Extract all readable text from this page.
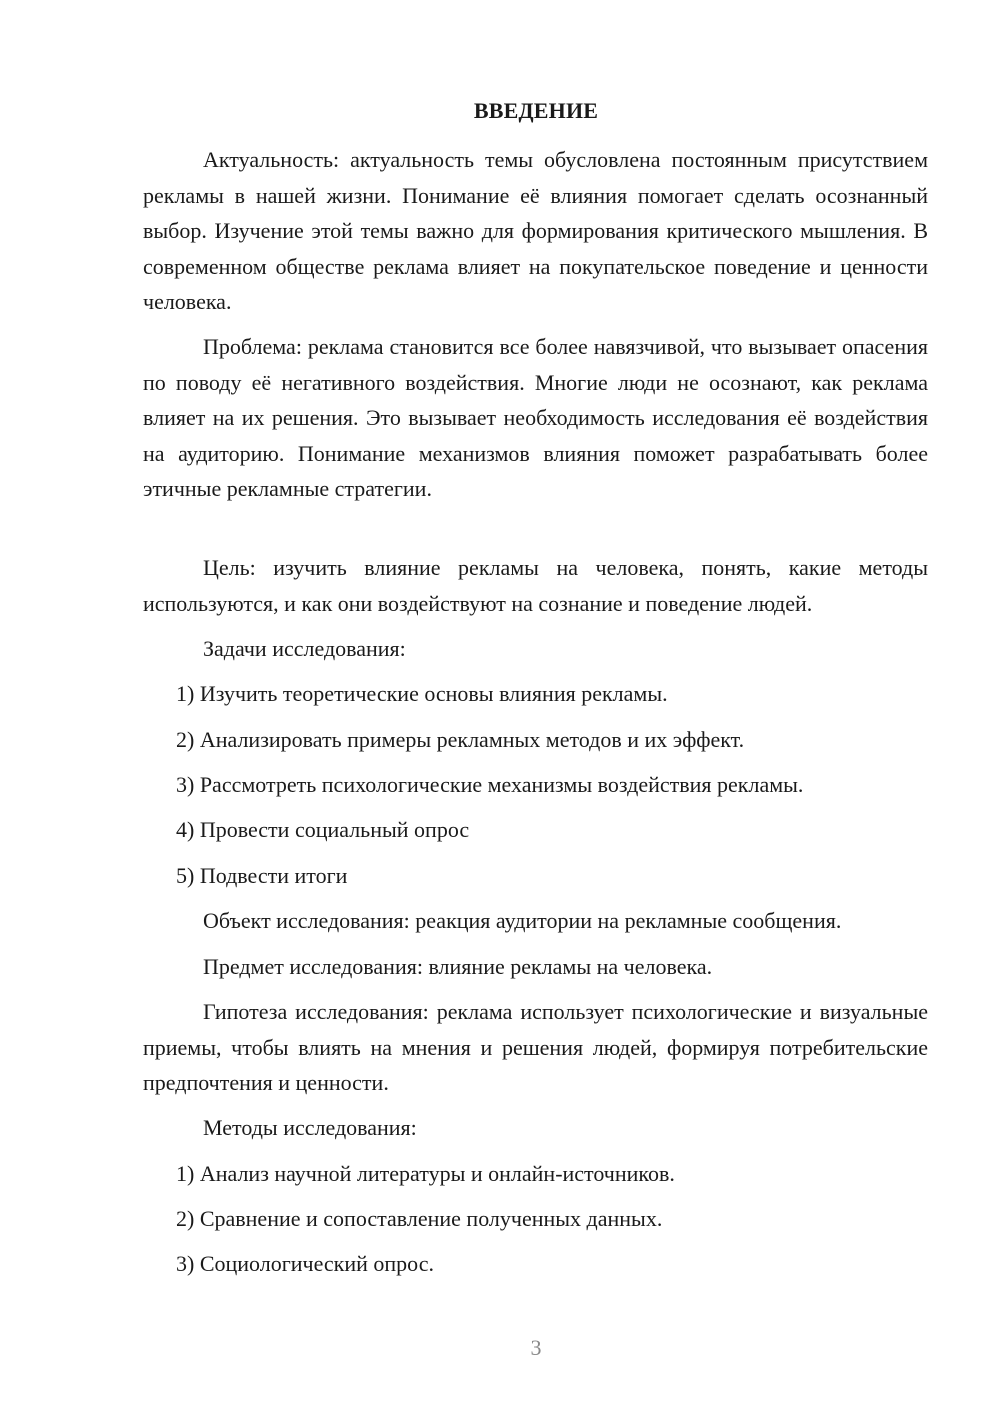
ВВЕДЕНИЕ

Актуальность: актуальность темы обусловлена постоянным присутствием рекламы в нашей жизни. Понимание её влияния помогает сделать осознанный выбор. Изучение этой темы важно для формирования критического мышления. В современном обществе реклама влияет на покупательское поведение и ценности человека.

Проблема: реклама становится все более навязчивой, что вызывает опасения по поводу её негативного воздействия. Многие люди не осознают, как реклама влияет на их решения. Это вызывает необходимость исследования её воздействия на аудиторию. Понимание механизмов влияния поможет разрабатывать более этичные рекламные стратегии.

Цель: изучить влияние рекламы на человека, понять, какие методы используются, и как они воздействуют на сознание и поведение людей.

Задачи исследования:

1) Изучить теоретические основы влияния рекламы.

2) Анализировать примеры рекламных методов и их эффект.

3) Рассмотреть психологические механизмы воздействия рекламы.

4) Провести социальный опрос

5) Подвести итоги

Объект исследования: реакция аудитории на рекламные сообщения.

Предмет исследования: влияние рекламы на человека.

Гипотеза исследования: реклама использует психологические и визуальные приемы, чтобы влиять на мнения и решения людей, формируя потребительские предпочтения и ценности.

Методы исследования:

1) Анализ научной литературы и онлайн-источников.

2) Сравнение и сопоставление полученных данных.

3) Социологический опрос.

3
